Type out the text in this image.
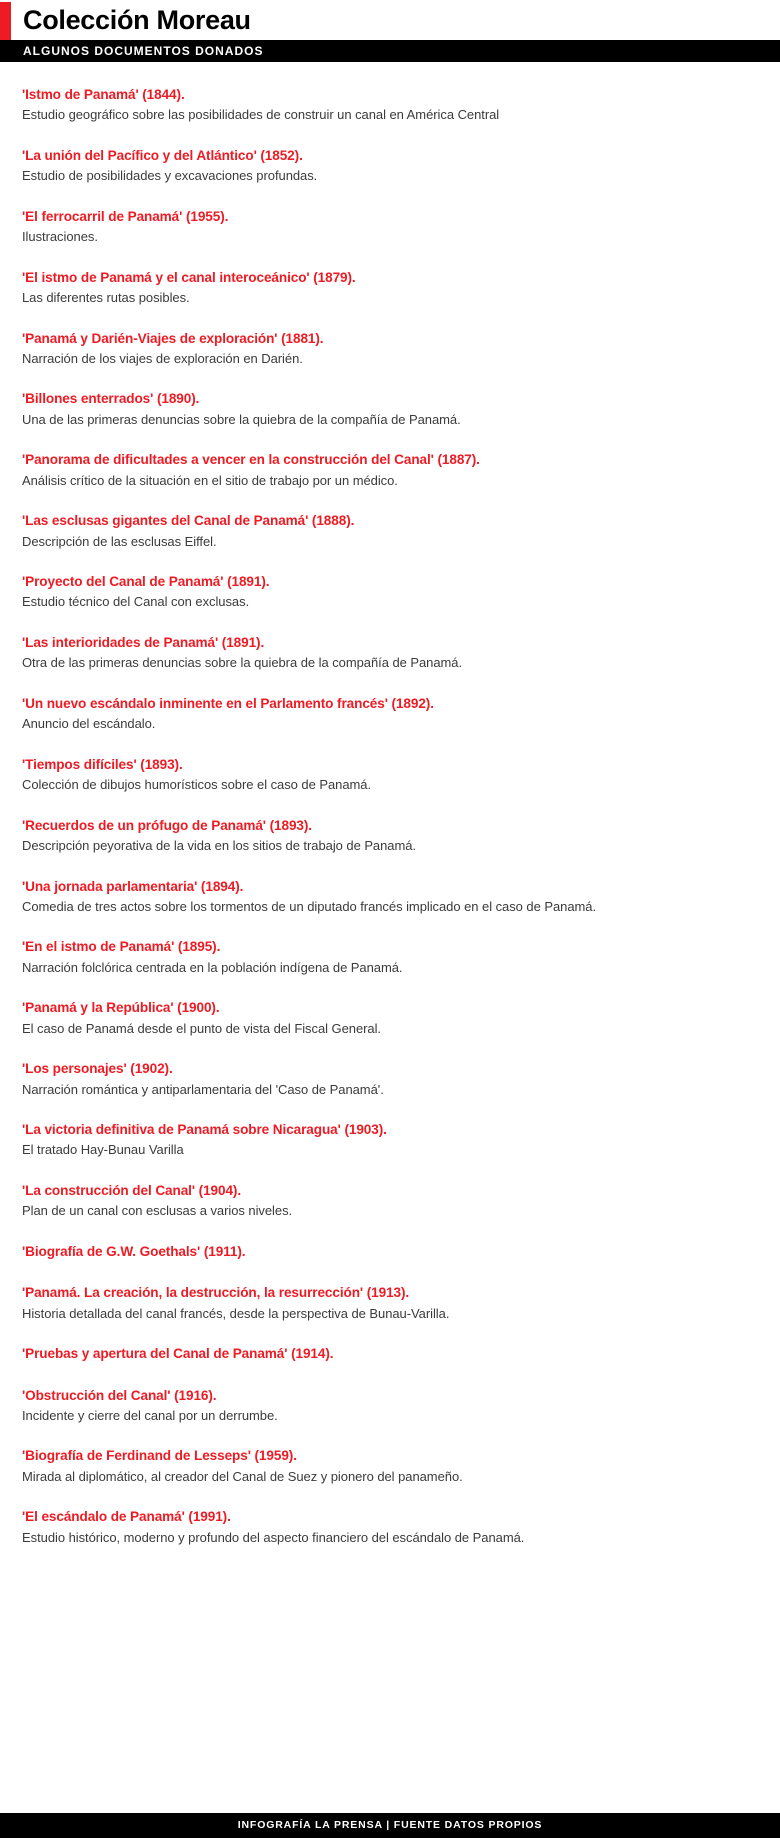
Colección Moreau
ALGUNOS DOCUMENTOS DONADOS
'Istmo de Panamá' (1844).
Estudio geográfico sobre las posibilidades de construir un canal en América Central
'La unión del Pacífico y del Atlántico' (1852).
Estudio de posibilidades y excavaciones profundas.
'El ferrocarril de Panamá' (1955).
Ilustraciones.
'El istmo de Panamá y el canal interoceánico' (1879).
Las diferentes rutas posibles.
'Panamá y Darién-Viajes de exploración' (1881).
Narración de los viajes de exploración en Darién.
'Billones enterrados' (1890).
Una de las primeras denuncias sobre la quiebra de la compañía de Panamá.
'Panorama de dificultades a vencer en la construcción del Canal' (1887).
Análisis crítico de la situación en el sitio de trabajo por un médico.
'Las esclusas gigantes del Canal de Panamá' (1888).
Descripción de las esclusas Eiffel.
'Proyecto del Canal de Panamá' (1891).
Estudio técnico del Canal con exclusas.
'Las interioridades de Panamá' (1891).
Otra de las primeras denuncias sobre la quiebra de la compañía de Panamá.
'Un nuevo escándalo inminente en el Parlamento francés' (1892).
Anuncio del escándalo.
'Tiempos difíciles' (1893).
Colección de dibujos humorísticos sobre el caso de Panamá.
'Recuerdos de un prófugo de Panamá' (1893).
Descripción peyorativa de la vida en los sitios de trabajo de Panamá.
'Una jornada parlamentaria' (1894).
Comedia de tres actos sobre los tormentos de un diputado francés implicado en el caso de Panamá.
'En el istmo de Panamá' (1895).
Narración folclórica centrada en la población indígena de Panamá.
'Panamá y la República' (1900).
El caso de Panamá desde el punto de vista del Fiscal General.
'Los personajes' (1902).
Narración romántica y antiparlamentaria del 'Caso de Panamá'.
'La victoria definitiva de Panamá sobre Nicaragua' (1903).
El tratado Hay-Bunau Varilla
'La construcción del Canal' (1904).
Plan de un canal con esclusas a varios niveles.
'Biografía de G.W. Goethals' (1911).
'Panamá. La creación, la destrucción, la resurrección' (1913).
Historia detallada del canal francés, desde la perspectiva de Bunau-Varilla.
'Pruebas y apertura del Canal de Panamá' (1914).
'Obstrucción del Canal' (1916).
Incidente y cierre del canal por un derrumbe.
'Biografía de Ferdinand de Lesseps' (1959).
Mirada al diplomático, al creador del Canal de Suez y pionero del panameño.
'El escándalo de Panamá' (1991).
Estudio histórico, moderno y profundo del aspecto financiero del escándalo de Panamá.
INFOGRAFÍA LA PRENSA | FUENTE DATOS PROPIOS
